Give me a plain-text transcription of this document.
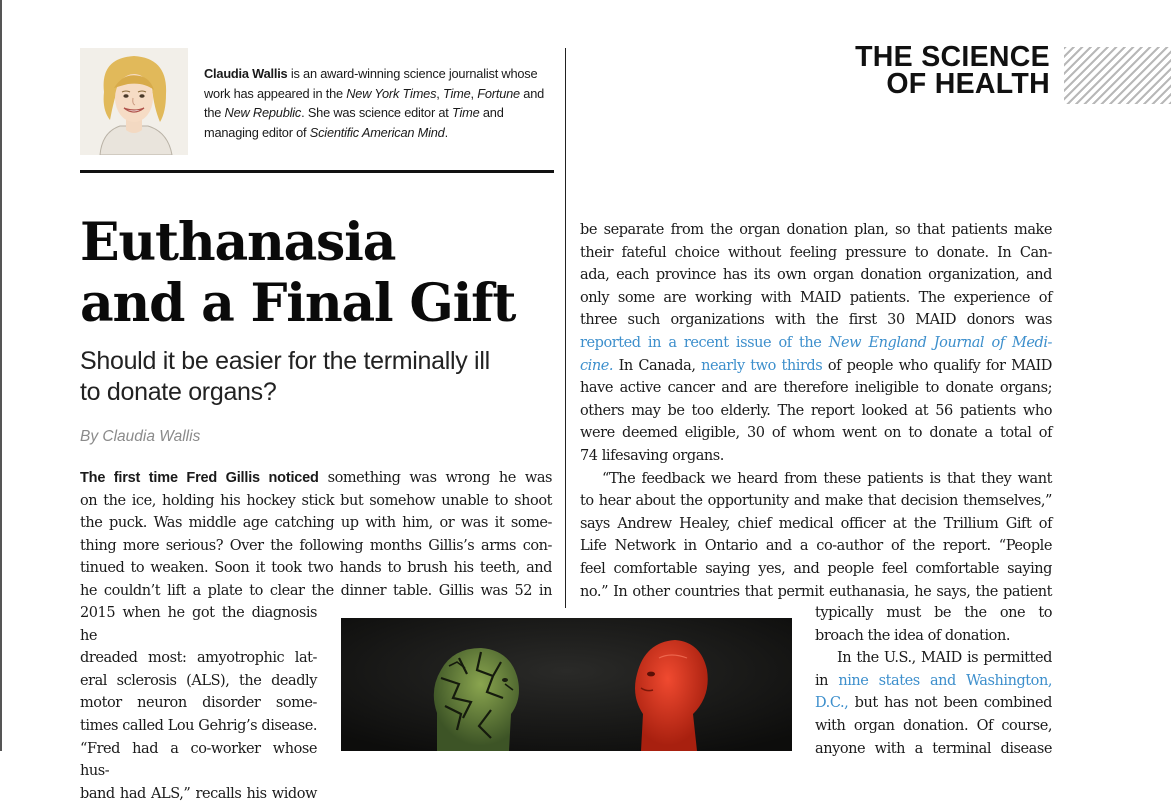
Claudia Wallis is an award-winning science journalist whose work has appeared in the New York Times, Time, Fortune and the New Republic. She was science editor at Time and managing editor of Scientific American Mind.
THE SCIENCE
OF HEALTH
Euthanasia
and a Final Gift
Should it be easier for the terminally ill
to donate organs?
By Claudia Wallis
The first time Fred Gillis noticed something was wrong he was
on the ice, holding his hockey stick but somehow unable to shoot
the puck. Was middle age catching up with him, or was it some-
thing more serious? Over the following months Gillis’s arms con-
tinued to weaken. Soon it took two hands to brush his teeth, and
he couldn’t lift a plate to clear the dinner table. Gillis was 52 in
2015 when he got the diagnosis he
dreaded most: amyotrophic lat-
eral sclerosis (ALS), the deadly
motor neuron disorder some-
times called Lou Gehrig’s disease.
“Fred had a co-worker whose hus-
band had ALS,” recalls his widow
be separate from the organ donation plan, so that patients make
their fateful choice without feeling pressure to donate. In Can-
ada, each province has its own organ donation organization, and
only some are working with MAID patients. The experience of
three such organizations with the first 30 MAID donors was
reported in a recent issue of the New England Journal of Medi-
cine. In Canada, nearly two thirds of people who qualify for MAID
have active cancer and are therefore ineligible to donate organs;
others may be too elderly. The report looked at 56 patients who
were deemed eligible, 30 of whom went on to donate a total of
74 lifesaving organs.
“The feedback we heard from these patients is that they want
to hear about the opportunity and make that decision themselves,”
says Andrew Healey, chief medical officer at the Trillium Gift of
Life Network in Ontario and a co-author of the report. “People
feel comfortable saying yes, and people feel comfortable saying
no.” In other countries that permit euthanasia, he says, the patient
typically must be the one to
broach the idea of donation.
In the U.S., MAID is permitted
in nine states and Washington,
D.C., but has not been combined
with organ donation. Of course,
anyone with a terminal disease
